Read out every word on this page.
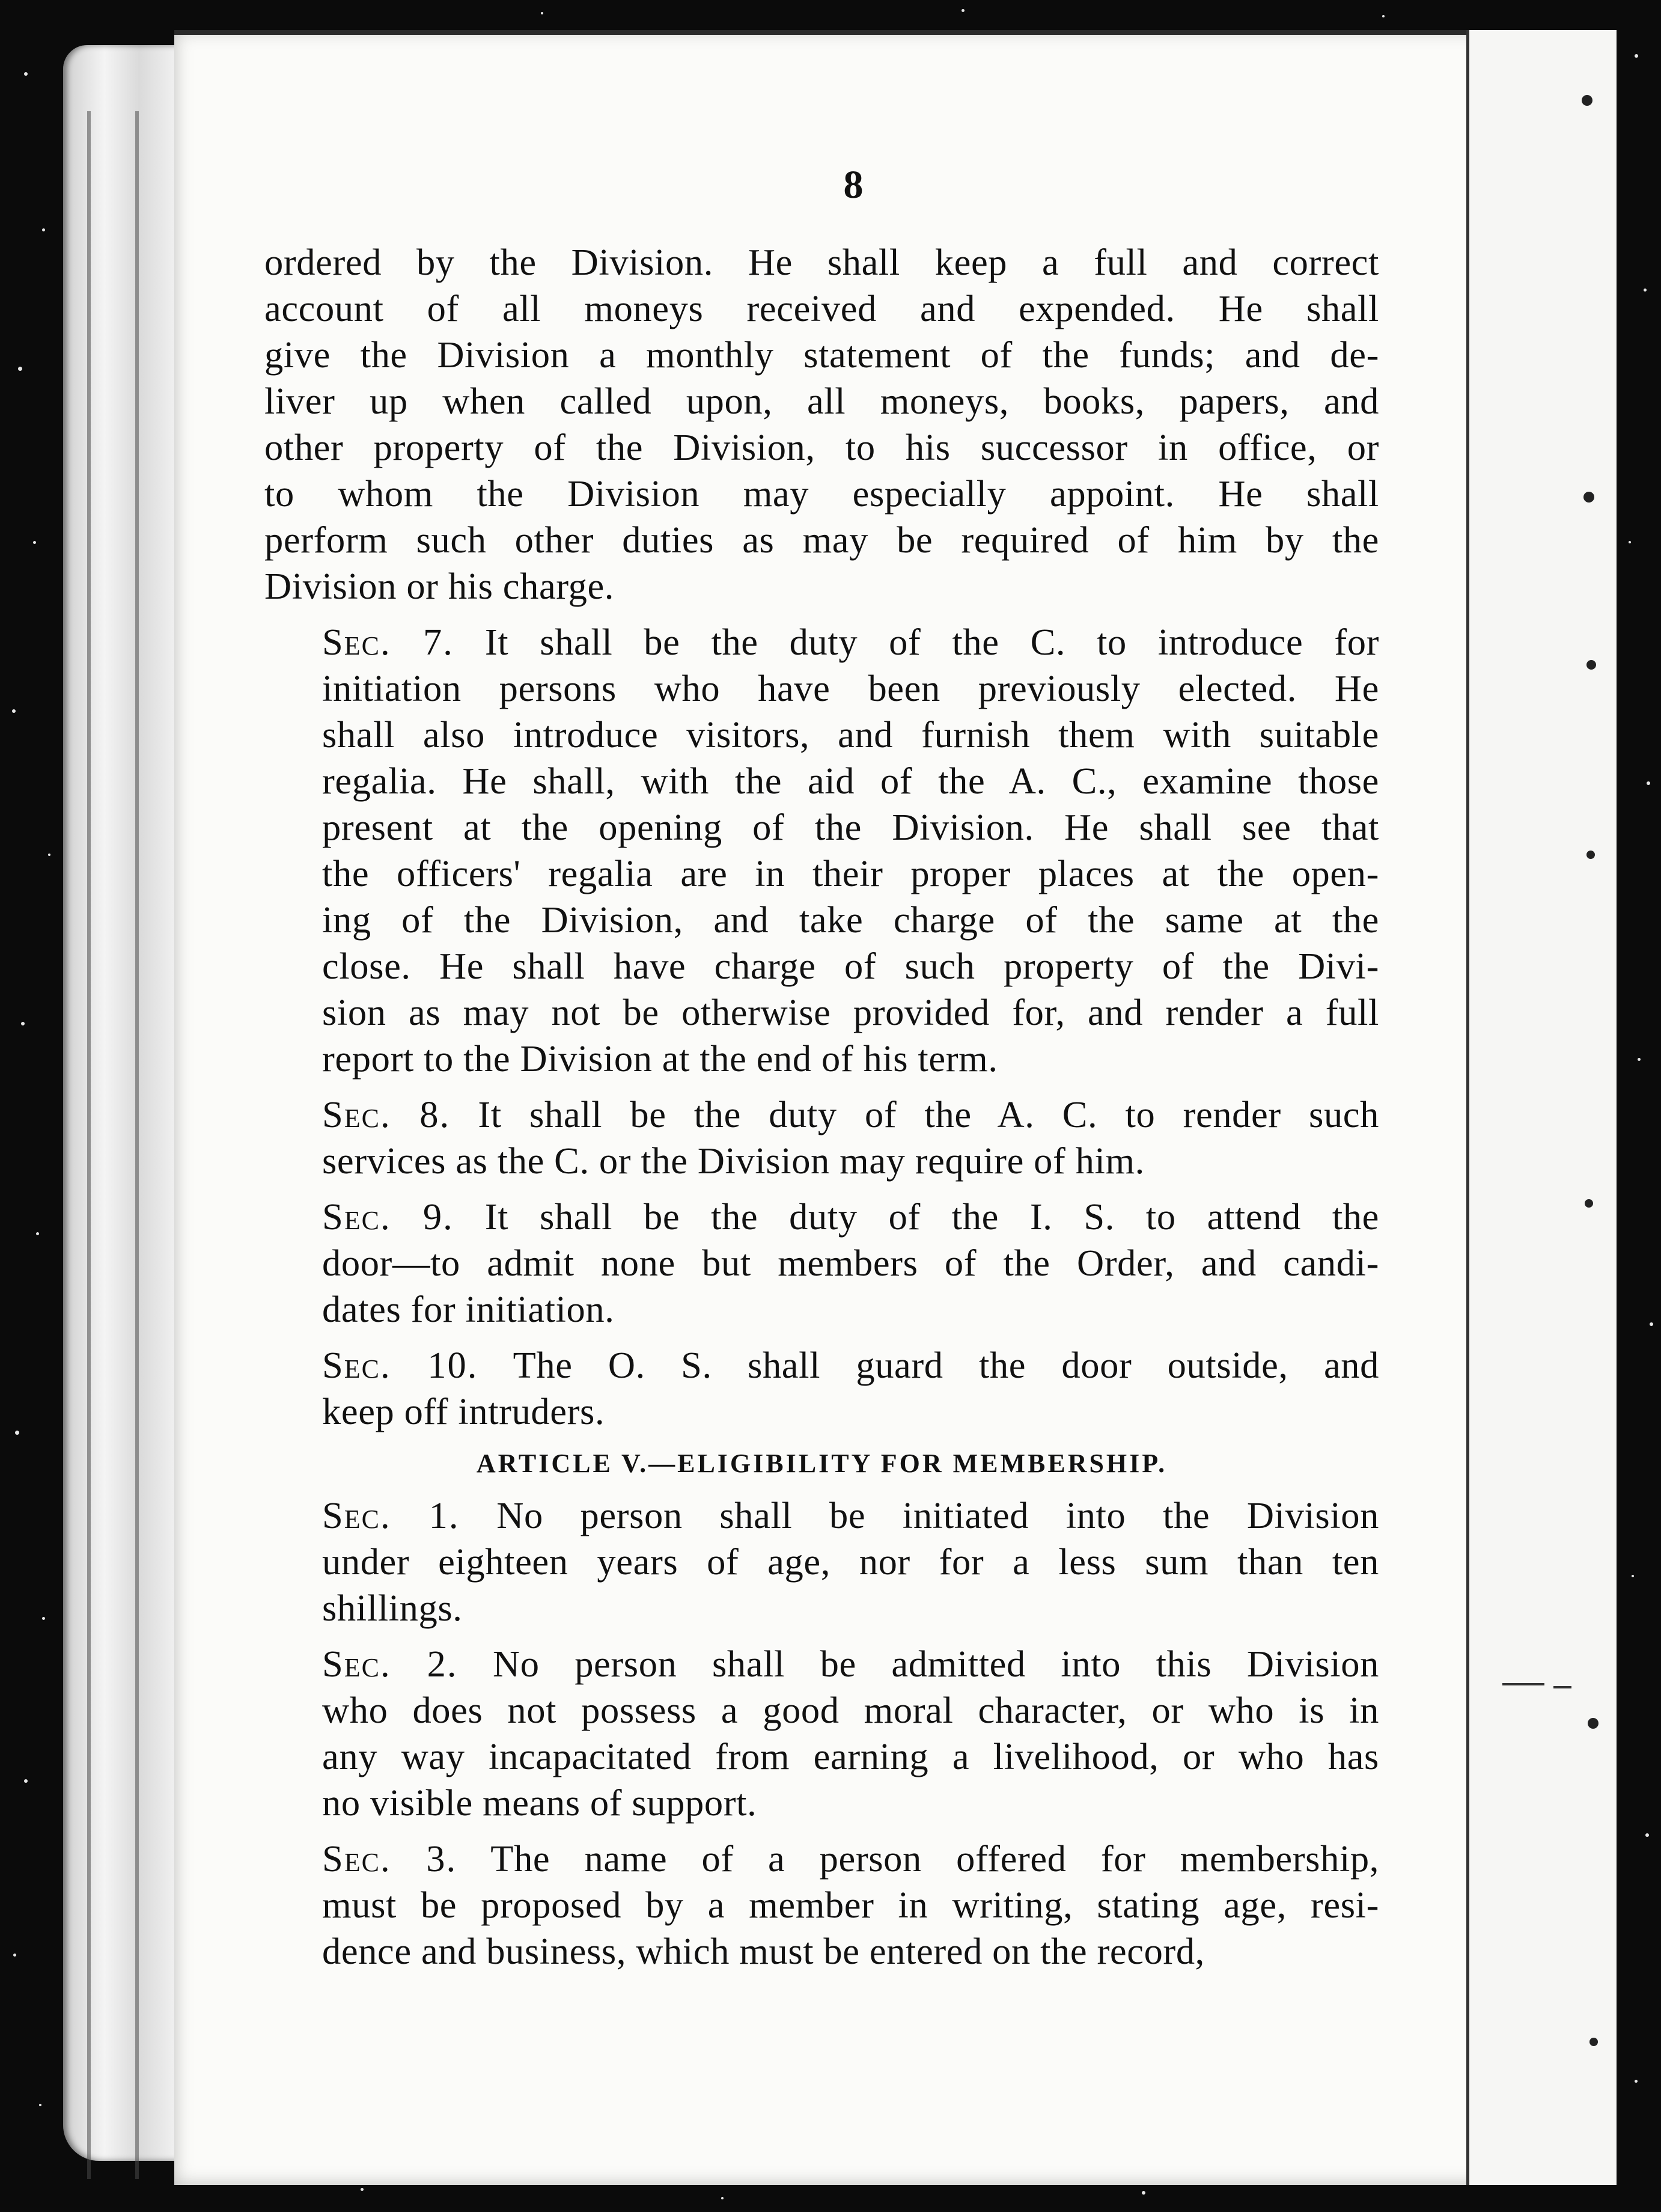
8
ordered by the Division. He shall keep a full and correct
account of all moneys received and expended. He shall
give the Division a monthly statement of the funds; and de-
liver up when called upon, all moneys, books, papers, and
other property of the Division, to his successor in office, or
to whom the Division may especially appoint. He shall
perform such other duties as may be required of him by the
Division or his charge.
Sec. 7. It shall be the duty of the C. to introduce for
initiation persons who have been previously elected. He
shall also introduce visitors, and furnish them with suitable
regalia. He shall, with the aid of the A. C., examine those
present at the opening of the Division. He shall see that
the officers' regalia are in their proper places at the open-
ing of the Division, and take charge of the same at the
close. He shall have charge of such property of the Divi-
sion as may not be otherwise provided for, and render a full
report to the Division at the end of his term.
Sec. 8. It shall be the duty of the A. C. to render such
services as the C. or the Division may require of him.
Sec. 9. It shall be the duty of the I. S. to attend the
door—to admit none but members of the Order, and candi-
dates for initiation.
Sec. 10. The O. S. shall guard the door outside, and
keep off intruders.
ARTICLE V.—ELIGIBILITY FOR MEMBERSHIP.
Sec. 1. No person shall be initiated into the Division
under eighteen years of age, nor for a less sum than ten
shillings.
Sec. 2. No person shall be admitted into this Division
who does not possess a good moral character, or who is in
any way incapacitated from earning a livelihood, or who has
no visible means of support.
Sec. 3. The name of a person offered for membership,
must be proposed by a member in writing, stating age, resi-
dence and business, which must be entered on the record,
